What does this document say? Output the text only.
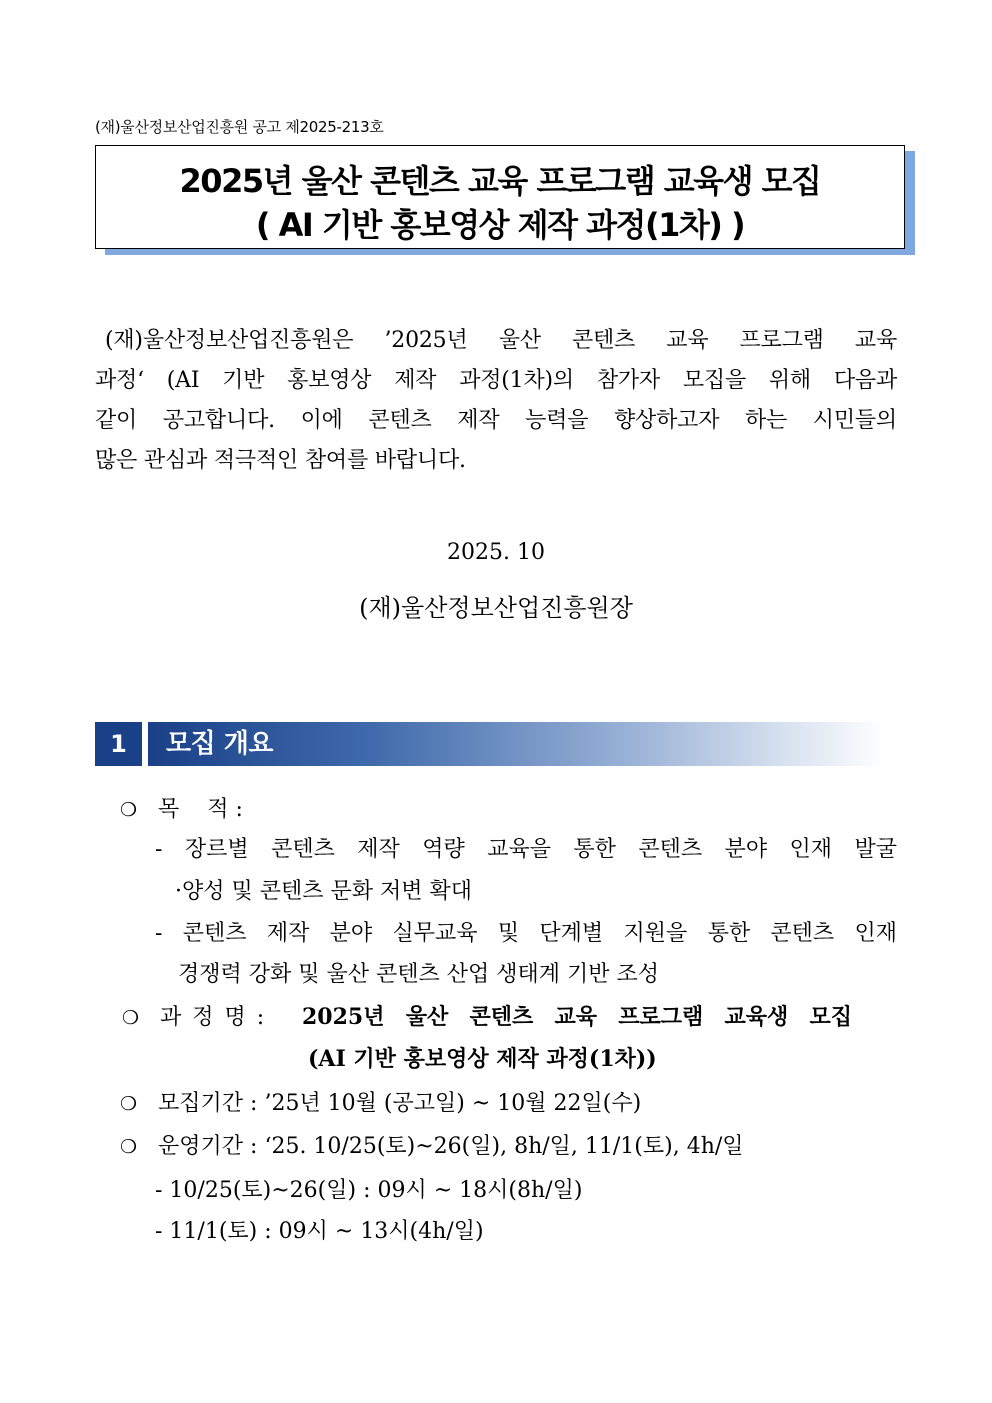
(재)울산정보산업진흥원 공고 제2025-213호
2025년 울산 콘텐츠 교육 프로그램 교육생 모집
( AI 기반 홍보영상 제작 과정(1차) )
(재)울산정보산업진흥원은 ’2025년 울산 콘텐츠 교육 프로그램 교육
과정‘ (AI 기반 홍보영상 제작 과정(1차)의 참가자 모집을 위해 다음과
같이 공고합니다. 이에 콘텐츠 제작 능력을 향상하고자 하는 시민들의
많은 관심과 적극적인 참여를 바랍니다.
2025. 10
(재)울산정보산업진흥원장
1	모집 개요
❍ 목    적 :
- 장르별 콘텐츠 제작 역량 교육을 통한 콘텐츠 분야 인재 발굴
·양성 및 콘텐츠 문화 저변 확대
- 콘텐츠 제작 분야 실무교육 및 단계별 지원을 통한 콘텐츠 인재
경쟁력 강화 및 울산 콘텐츠 산업 생태계 기반 조성
❍ 과 정 명 : 2025년 울산 콘텐츠 교육 프로그램 교육생 모집
(AI 기반 홍보영상 제작 과정(1차))
❍ 모집기간 : ’25년 10월 (공고일) ~ 10월 22일(수)
❍ 운영기간 : ‘25. 10/25(토)~26(일), 8h/일, 11/1(토), 4h/일
- 10/25(토)~26(일) : 09시 ~ 18시(8h/일)
- 11/1(토) : 09시 ~ 13시(4h/일)
